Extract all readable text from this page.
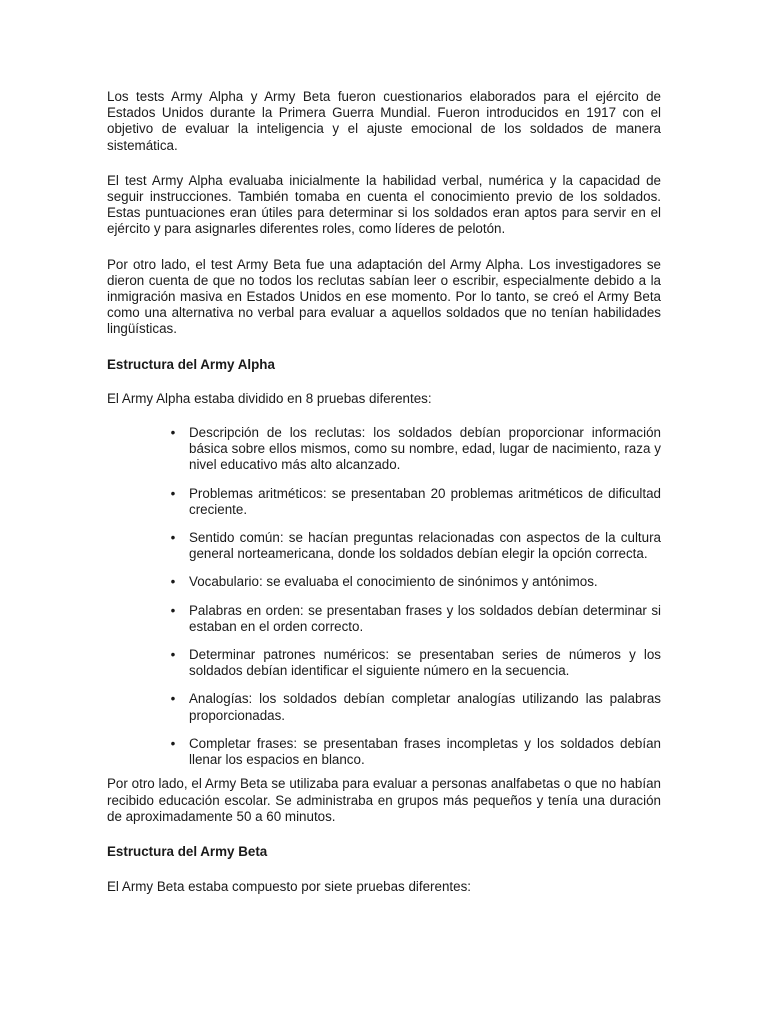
Los tests Army Alpha y Army Beta fueron cuestionarios elaborados para el ejército de Estados Unidos durante la Primera Guerra Mundial. Fueron introducidos en 1917 con el objetivo de evaluar la inteligencia y el ajuste emocional de los soldados de manera sistemática.

El test Army Alpha evaluaba inicialmente la habilidad verbal, numérica y la capacidad de seguir instrucciones. También tomaba en cuenta el conocimiento previo de los soldados. Estas puntuaciones eran útiles para determinar si los soldados eran aptos para servir en el ejército y para asignarles diferentes roles, como líderes de pelotón.

Por otro lado, el test Army Beta fue una adaptación del Army Alpha. Los investigadores se dieron cuenta de que no todos los reclutas sabían leer o escribir, especialmente debido a la inmigración masiva en Estados Unidos en ese momento. Por lo tanto, se creó el Army Beta como una alternativa no verbal para evaluar a aquellos soldados que no tenían habilidades lingüísticas.

Estructura del Army Alpha

El Army Alpha estaba dividido en 8 pruebas diferentes:

• Descripción de los reclutas: los soldados debían proporcionar información básica sobre ellos mismos, como su nombre, edad, lugar de nacimiento, raza y nivel educativo más alto alcanzado.
• Problemas aritméticos: se presentaban 20 problemas aritméticos de dificultad creciente.
• Sentido común: se hacían preguntas relacionadas con aspectos de la cultura general norteamericana, donde los soldados debían elegir la opción correcta.
• Vocabulario: se evaluaba el conocimiento de sinónimos y antónimos.
• Palabras en orden: se presentaban frases y los soldados debían determinar si estaban en el orden correcto.
• Determinar patrones numéricos: se presentaban series de números y los soldados debían identificar el siguiente número en la secuencia.
• Analogías: los soldados debían completar analogías utilizando las palabras proporcionadas.
• Completar frases: se presentaban frases incompletas y los soldados debían llenar los espacios en blanco.

Por otro lado, el Army Beta se utilizaba para evaluar a personas analfabetas o que no habían recibido educación escolar. Se administraba en grupos más pequeños y tenía una duración de aproximadamente 50 a 60 minutos.

Estructura del Army Beta

El Army Beta estaba compuesto por siete pruebas diferentes:
